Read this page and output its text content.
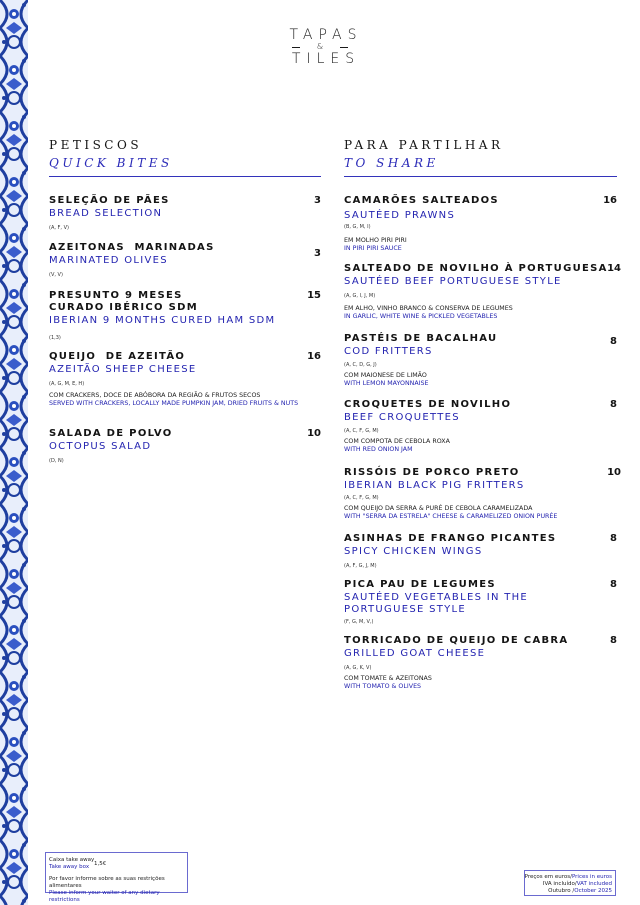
TAPAS
&
TILES
PETISCOS
QUICK BITES
SELEÇÃO DE PÃES
BREAD SELECTION
3
(A, F, V)
AZEITONAS  MARINADAS
MARINATED OLIVES
3
(V, V)
PRESUNTO 9 MESES CURADO IBÉRICO SDM
IBERIAN 9 MONTHS CURED HAM SDM
15
(1,3)
QUEIJO  DE AZEITÃO
AZEITÃO SHEEP CHEESE
16
(A, G, M, E, H)
COM CRACKERS, DOCE DE ABÓBORA DA REGIÃO & FRUTOS SECOS
SERVED WITH CRACKERS, LOCALLY MADE PUMPKIN JAM, DRIED FRUITS & NUTS
SALADA DE POLVO
OCTOPUS SALAD
10
(D, N)
PARA PARTILHAR
TO SHARE
CAMARÕES SALTEADOS
SAUTÉED PRAWNS
16
(B, G, M, I)
EM MOLHO PIRI PIRI
IN PIRI PIRI SAUCE
SALTEADO DE NOVILHO À PORTUGUESA
SAUTÉED BEEF PORTUGUESE STYLE
14
(A, G, I, J, M)
EM ALHO, VINHO BRANCO & CONSERVA DE LEGUMES
IN GARLIC, WHITE WINE & PICKLED VEGETABLES
PASTÉIS DE BACALHAU
COD FRITTERS
8
(A, C, D, G, J)
COM MAIONESE DE LIMÃO
WITH LEMON MAYONNAISE
CROQUETES DE NOVILHO
BEEF CROQUETTES
8
(A, C, F, G, M)
COM COMPOTA DE CEBOLA ROXA
WITH RED ONION JAM
RISSÓIS DE PORCO PRETO
IBERIAN BLACK PIG FRITTERS
10
(A, C, F, G, M)
COM QUEIJO DA SERRA & PURÉ DE CEBOLA CARAMELIZADA
WITH "SERRA DA ESTRELA" CHEESE & CARAMELIZED ONION PURÉE
ASINHAS DE FRANGO PICANTES
SPICY CHICKEN WINGS
8
(A, F, G, J, M)
PICA PAU DE LEGUMES
SAUTÉED VEGETABLES IN THE PORTUGUESE STYLE
8
(F, G, M, V,)
TORRICADO DE QUEIJO DE CABRA
GRILLED GOAT CHEESE
8
(A, G, K, V)
COM TOMATE & AZEITONAS
WITH TOMATO & OLIVES
Caixa take away
Take away box 1,5€
Por favor informe sobre as suas restrições alimentares
Please inform your waiter of any dietary restrictions
Preços em euros/Prices in euros
IVA incluído/VAT included
Outubro /October 2025
